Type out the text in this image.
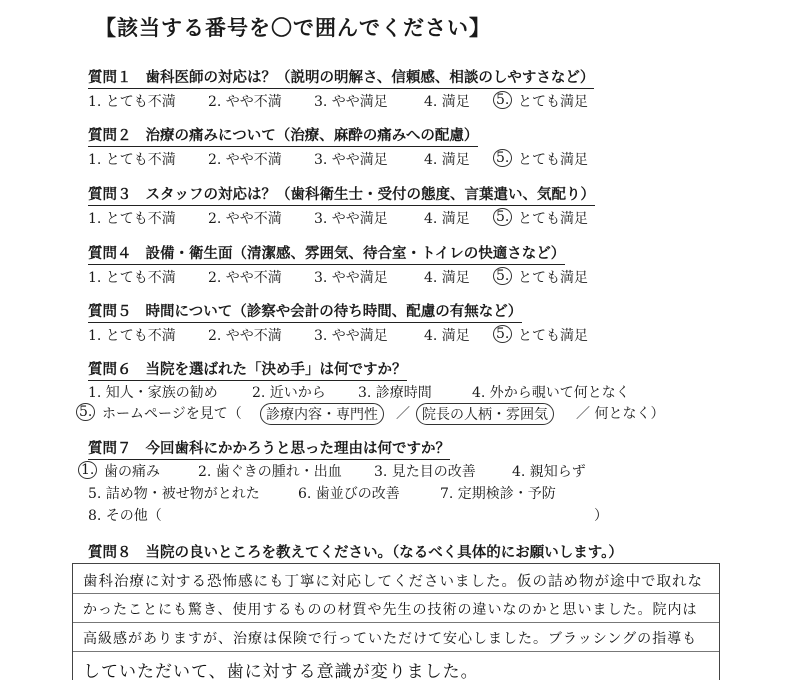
【該当する番号を〇で囲んでください】
質問１ 歯科医師の対応は？（説明の明解さ、信頼感、相談のしやすさなど）
1. とても不満 2. やや不満 3. やや満足	4. 満足 5. とても満足
質問２ 治療の痛みについて（治療、麻酔の痛みへの配慮）
1. とても不満 2. やや不満 3. やや満足	4. 満足 5. とても満足
質問３ スタッフの対応は？（歯科衛生士・受付の態度、言葉遣い、気配り）
1. とても不満 2. やや不満 3. やや満足	4. 満足 5. とても満足
質問４ 設備・衛生面（清潔感、雰囲気、待合室・トイレの快適さなど）
1. とても不満 2. やや不満 3. やや満足	4. 満足 5. とても満足
質問５ 時間について（診察や会計の待ち時間、配慮の有無など）
1. とても不満 2. やや不満 3. やや満足	4. 満足 5. とても満足
質問６ 当院を選ばれた「決め手」は何ですか？
1. 知人・家族の勧め 2. 近いから 3. 診療時間	4. 外から覗いて何となく
5. ホームページを見て（	診療内容・専門性	／ 院長の人柄・雰囲気	／ 何となく）
質問７ 今回歯科にかかろうと思った理由は何ですか？
1. 歯の痛み	2. 歯ぐきの腫れ・出血 3. 見た目の改善	4. 親知らず
5. 詰め物・被せ物がとれた	6. 歯並びの改善	7. 定期検診・予防
8. その他（	）
質問８ 当院の良いところを教えてください。（なるべく具体的にお願いします。）
歯科治療に対する恐怖感にも丁寧に対応してくださいました。仮の詰め物が途中で取れな
かったことにも驚き、使用するものの材質や先生の技術の違いなのかと思いました。院内は
高級感がありますが、治療は保険で行っていただけて安心しました。ブラッシングの指導も
していただいて、歯に対する意識が変りました。
